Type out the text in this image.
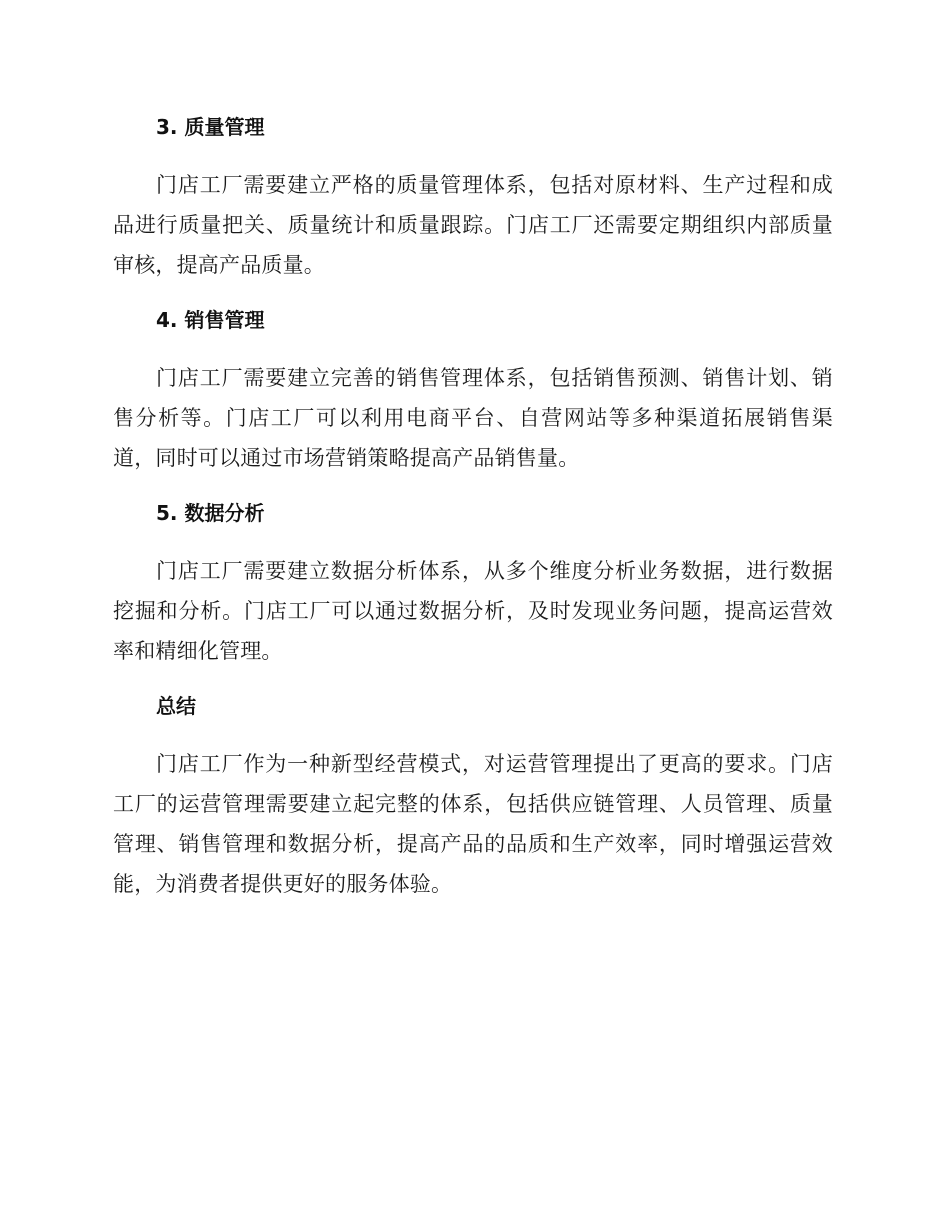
3. 质量管理

门店工厂需要建立严格的质量管理体系，包括对原材料、生产过程和成品进行质量把关、质量统计和质量跟踪。门店工厂还需要定期组织内部质量审核，提高产品质量。

4. 销售管理

门店工厂需要建立完善的销售管理体系，包括销售预测、销售计划、销售分析等。门店工厂可以利用电商平台、自营网站等多种渠道拓展销售渠道，同时可以通过市场营销策略提高产品销售量。

5. 数据分析

门店工厂需要建立数据分析体系，从多个维度分析业务数据，进行数据挖掘和分析。门店工厂可以通过数据分析，及时发现业务问题，提高运营效率和精细化管理。

总结

门店工厂作为一种新型经营模式，对运营管理提出了更高的要求。门店工厂的运营管理需要建立起完整的体系，包括供应链管理、人员管理、质量管理、销售管理和数据分析，提高产品的品质和生产效率，同时增强运营效能，为消费者提供更好的服务体验。
